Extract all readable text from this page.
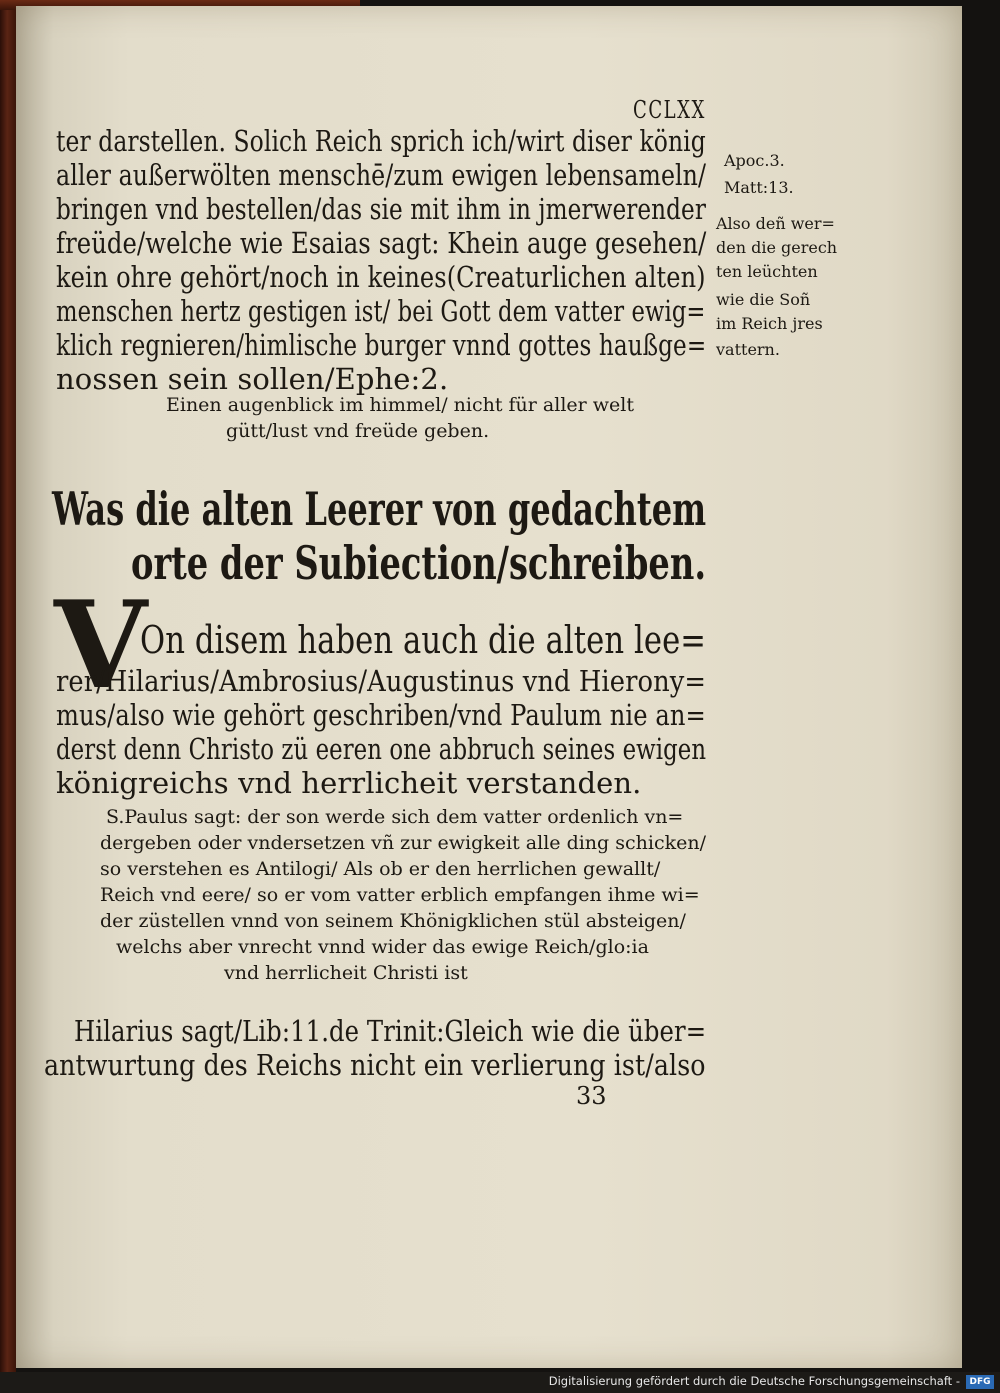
CCLXX
ter darstellen. Solich Reich sprich ich/wirt diser könig
aller außerwölten menschē/zum ewigen lebensameln/
bringen vnd bestellen/das sie mit ihm in jmerwerender
freüde/welche wie Esaias sagt: Khein auge gesehen/
kein ohre gehört/noch in keines(Creaturlichen alten)
menschen hertz gestigen ist/ bei Gott dem vatter ewig=
klich regnieren/himlische burger vnnd gottes haußge=
nossen sein sollen/Ephe:2.
Apoc.3.
Matt:13.
Also deñ wer=
den die gerech
ten leüchten
wie die Soñ
im Reich jres
vattern.
Einen augenblick im himmel/ nicht für aller welt
gütt/lust vnd freüde geben.
Was die alten Leerer von gedachtem
orte der Subiection/schreiben.
V
On disem haben auch die alten lee=
rer/Hilarius/Ambrosius/Augustinus vnd Hierony=
mus/also wie gehört geschriben/vnd Paulum nie an=
derst denn Christo zü eeren one abbruch seines ewigen
königreichs vnd herrlicheit verstanden.
S.Paulus sagt: der son werde sich dem vatter ordenlich vn=
dergeben oder vndersetzen vñ zur ewigkeit alle ding schicken/
so verstehen es Antilogi/ Als ob er den herrlichen gewallt/
Reich vnd eere/ so er vom vatter erblich empfangen ihme wi=
der züstellen vnnd von seinem Khönigklichen stül absteigen/
welchs aber vnrecht vnnd wider das ewige Reich/glo:ia
vnd herrlicheit Christi ist
Hilarius sagt/Lib:11.de Trinit:Gleich wie die über=
antwurtung des Reichs nicht ein verlierung ist/also
33
Digitalisierung gefördert durch die Deutsche Forschungsgemeinschaft -	DFG
